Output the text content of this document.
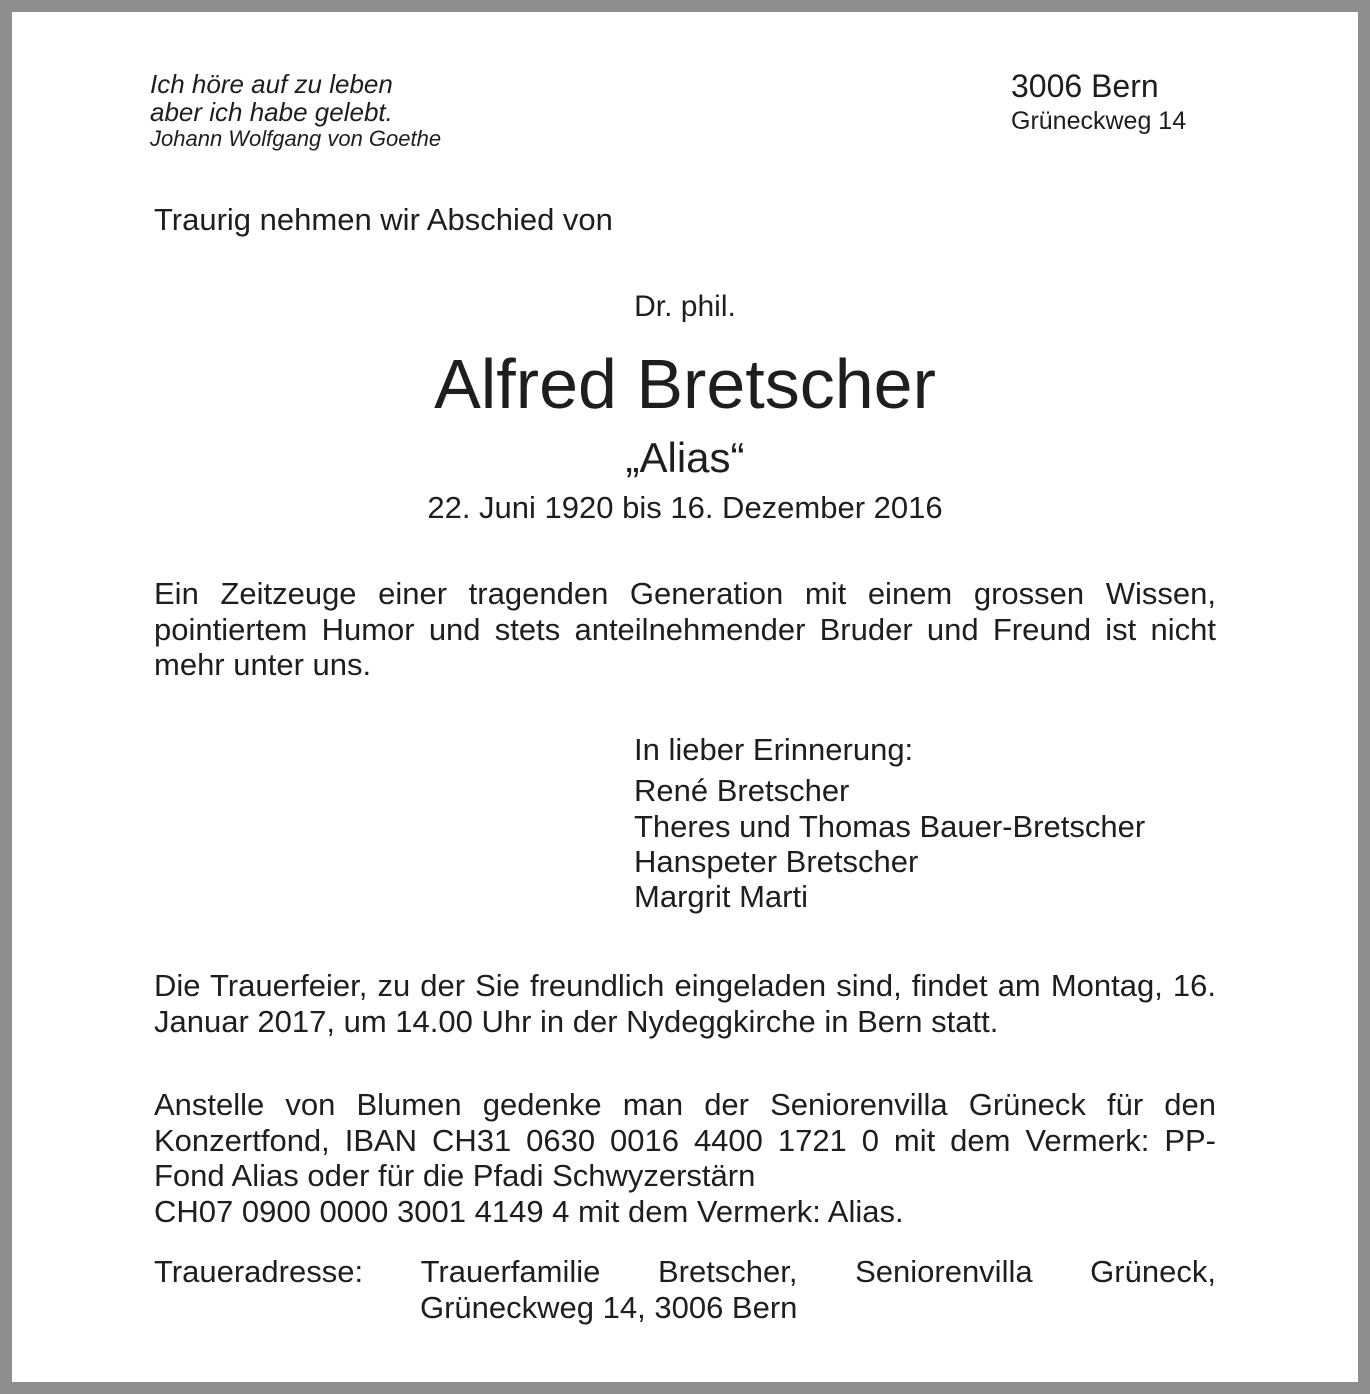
Ich höre auf zu leben
aber ich habe gelebt.
Johann Wolfgang von Goethe
3006 Bern
Grüneckweg 14

Traurig nehmen wir Abschied von

Dr. phil.

Alfred Bretscher

„Alias“

22. Juni 1920 bis 16. Dezember 2016

Ein Zeitzeuge einer tragenden Generation mit einem grossen Wissen, pointiertem Humor und stets anteilnehmender Bruder und Freund ist nicht mehr unter uns.

In lieber Erinnerung:
René Bretscher
Theres und Thomas Bauer-Bretscher
Hanspeter Bretscher
Margrit Marti

Die Trauerfeier, zu der Sie freundlich eingeladen sind, findet am Montag, 16. Januar 2017, um 14.00 Uhr in der Nydeggkirche in Bern statt.

Anstelle von Blumen gedenke man der Seniorenvilla Grüneck für den Konzertfond, IBAN CH31 0630 0016 4400 1721 0 mit dem Vermerk: PP-Fond Alias oder für die Pfadi Schwyzerstärn
CH07 0900 0000 3001 4149 4 mit dem Vermerk: Alias.
Traueradresse: Trauerfamilie Bretscher, Seniorenvilla Grüneck,
Grüneckweg 14, 3006 Bern
